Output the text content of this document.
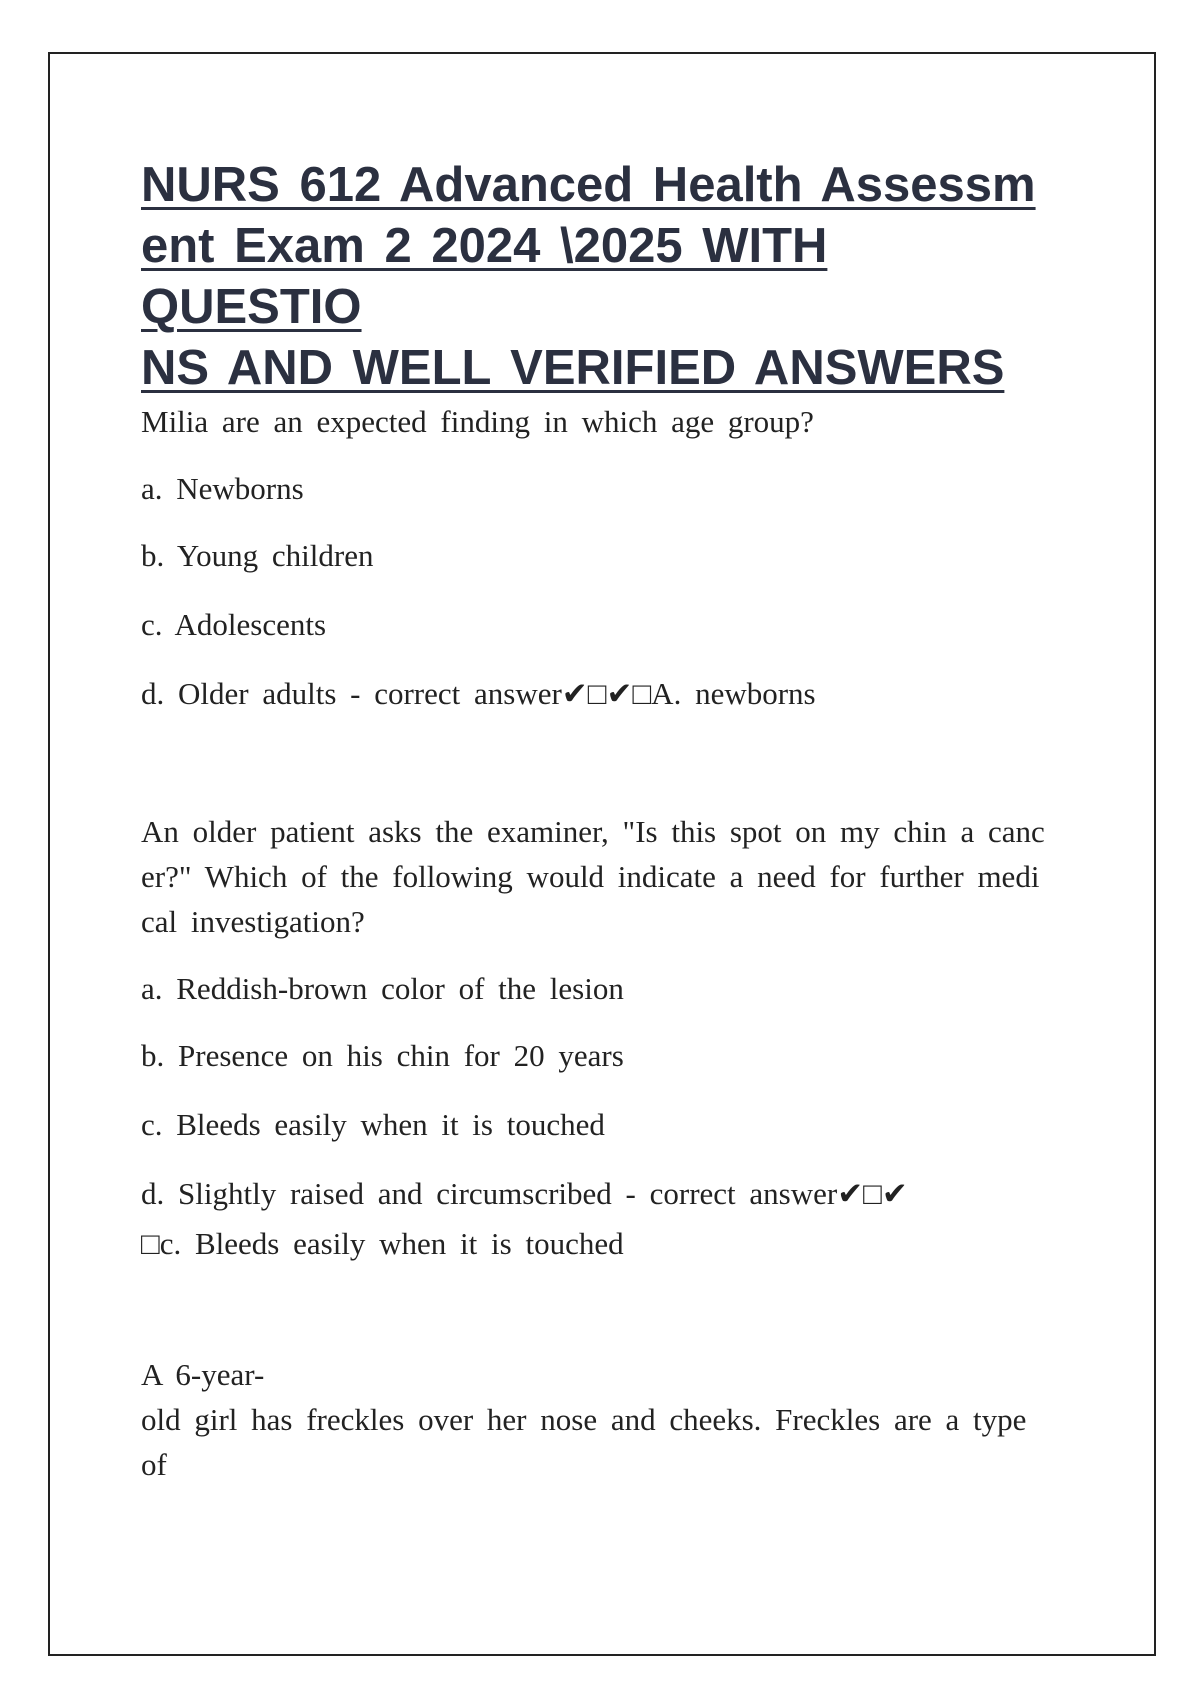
NURS 612 Advanced Health Assessm
ent Exam 2 2024 \2025 WITH QUESTIO
NS AND WELL VERIFIED ANSWERS
Milia are an expected finding in which age group?
a. Newborns
b. Young children
c. Adolescents
d. Older adults - correct answer✔□✔□A. newborns
An older patient asks the examiner, "Is this spot on my chin a canc
er?" Which of the following would indicate a need for further medi
cal investigation?
a. Reddish-brown color of the lesion
b. Presence on his chin for 20 years
c. Bleeds easily when it is touched
d. Slightly raised and circumscribed - correct answer✔□✔
□c. Bleeds easily when it is touched
A 6-year-
old girl has freckles over her nose and cheeks. Freckles are a type
of
